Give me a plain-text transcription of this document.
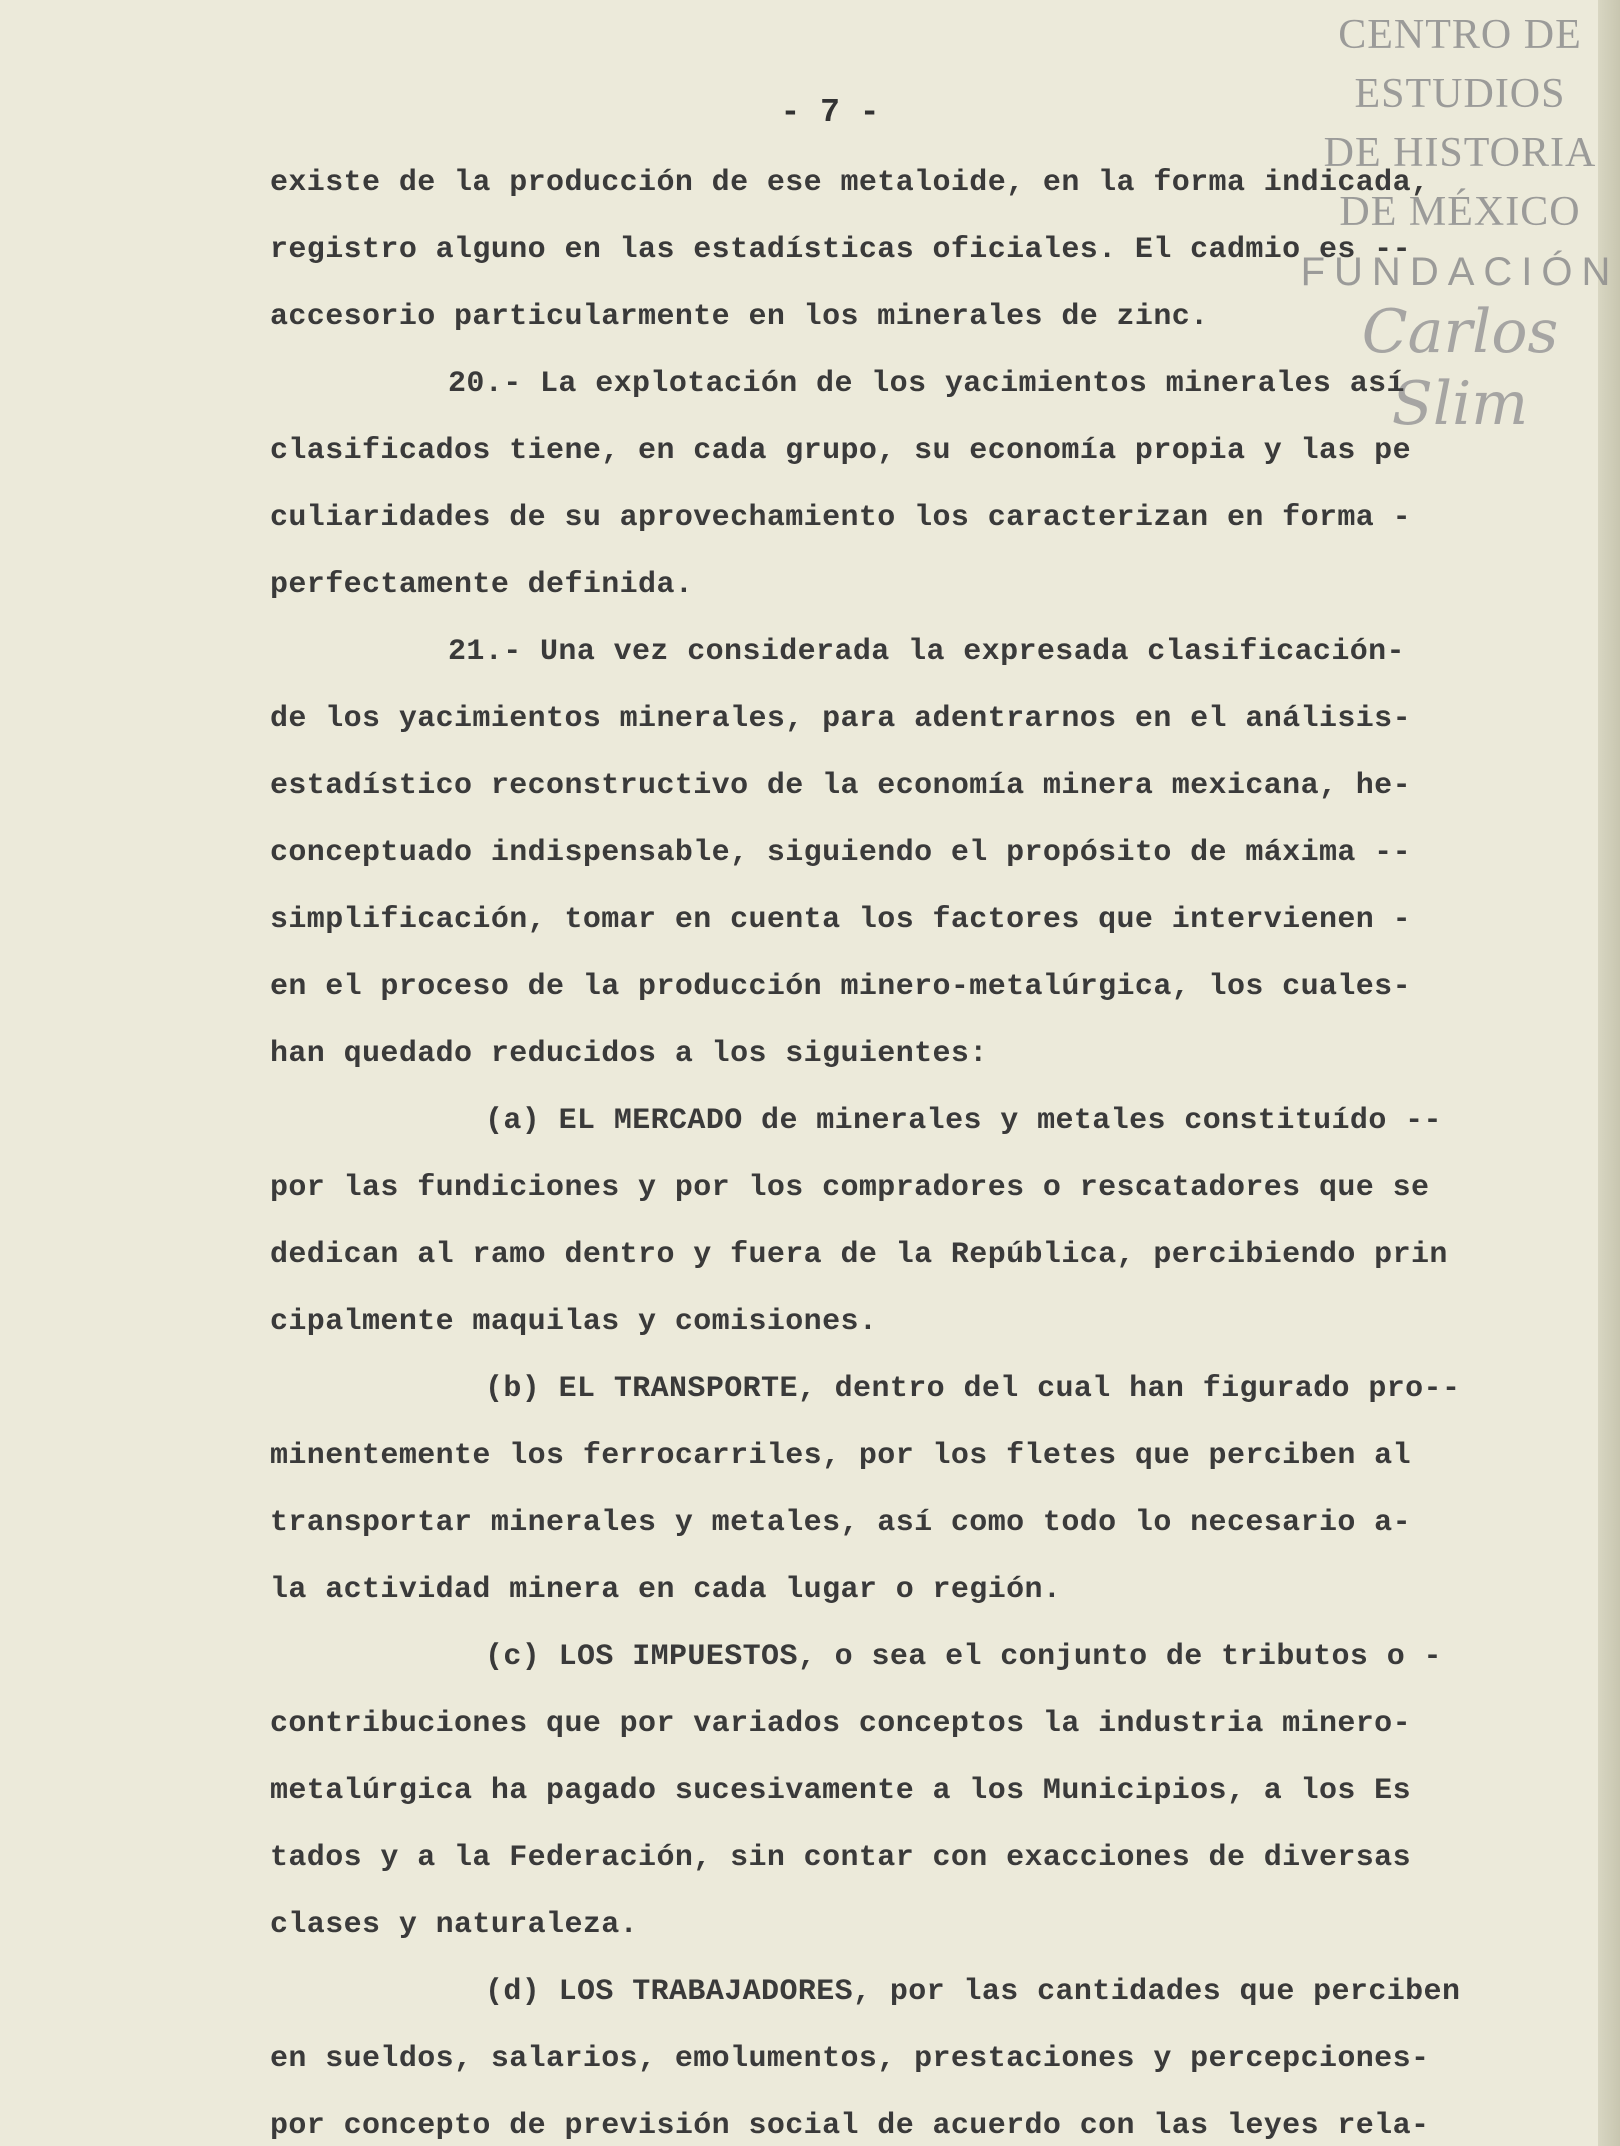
CENTRO DE
ESTUDIOS
DE HISTORIA
DE MÉXICO
FUNDACIÓN
Carlos Slim
- 7 -
existe de la producción de ese metaloide, en la forma indicada,
registro alguno en las estadísticas oficiales. El cadmio es --
accesorio particularmente en los minerales de zinc.
20.- La explotación de los yacimientos minerales así
clasificados tiene, en cada grupo, su economía propia y las pe
culiaridades de su aprovechamiento los caracterizan en forma -
perfectamente definida.
21.- Una vez considerada la expresada clasificación-
de los yacimientos minerales, para adentrarnos en el análisis-
estadístico reconstructivo de la economía minera mexicana, he-
conceptuado indispensable, siguiendo el propósito de máxima --
simplificación, tomar en cuenta los factores que intervienen -
en el proceso de la producción minero-metalúrgica, los cuales-
han quedado reducidos a los siguientes:
(a) EL MERCADO de minerales y metales constituído --
por las fundiciones y por los compradores o rescatadores que se
dedican al ramo dentro y fuera de la República, percibiendo prin
cipalmente maquilas y comisiones.
(b) EL TRANSPORTE, dentro del cual han figurado pro--
minentemente los ferrocarriles, por los fletes que perciben al
transportar minerales y metales, así como todo lo necesario a-
la actividad minera en cada lugar o región.
(c) LOS IMPUESTOS, o sea el conjunto de tributos o -
contribuciones que por variados conceptos la industria minero-
metalúrgica ha pagado sucesivamente a los Municipios, a los Es
tados y a la Federación, sin contar con exacciones de diversas
clases y naturaleza.
(d) LOS TRABAJADORES, por las cantidades que perciben
en sueldos, salarios, emolumentos, prestaciones y percepciones-
por concepto de previsión social de acuerdo con las leyes rela-
